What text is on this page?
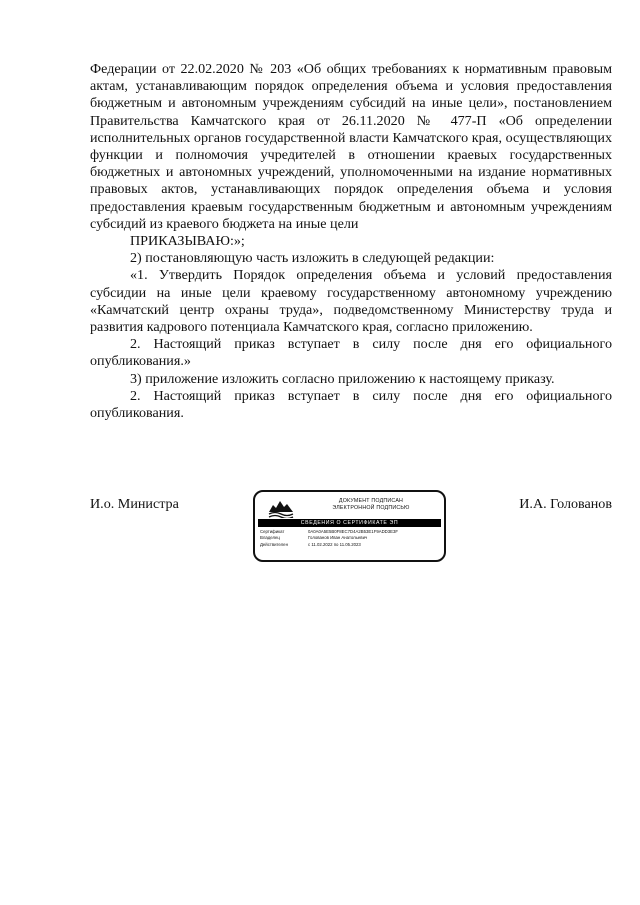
Федерации от 22.02.2020 № 203 «Об общих требованиях к нормативным правовым актам, устанавливающим порядок определения объема и условия предоставления бюджетным и автономным учреждениям субсидий на иные цели», постановлением Правительства Камчатского края от 26.11.2020 № 477-П «Об определении исполнительных органов государственной власти Камчатского края, осуществляющих функции и полномочия учредителей в отношении краевых государственных бюджетных и автономных учреждений, уполномоченными на издание нормативных правовых актов, устанавливающих порядок определения объема и условия предоставления краевым государственным бюджетным и автономным учреждениям субсидий из краевого бюджета на иные цели

ПРИКАЗЫВАЮ:»;

2) постановляющую часть изложить в следующей редакции:

«1. Утвердить Порядок определения объема и условий предоставления субсидии на иные цели краевому государственному автономному учреждению «Камчатский центр охраны труда», подведомственному Министерству труда и развития кадрового потенциала Камчатского края, согласно приложению.

2. Настоящий приказ вступает в силу после дня его официального опубликования.»

3) приложение изложить согласно приложению к настоящему приказу.

2. Настоящий приказ вступает в силу после дня его официального опубликования.

И.о. Министра	И.А. Голованов
ДОКУМЕНТ ПОДПИСАН
ЭЛЕКТРОННОЙ ПОДПИСЬЮ
СВЕДЕНИЯ О СЕРТИФИКАТЕ ЭП
Сертификат	0A0A0A5E5B0F8EC7D4A2B53E1F9ADD3E3F
Владелец	Голованов Иван Анатольевич
Действителен	с 11.02.2022 по 11.05.2023
